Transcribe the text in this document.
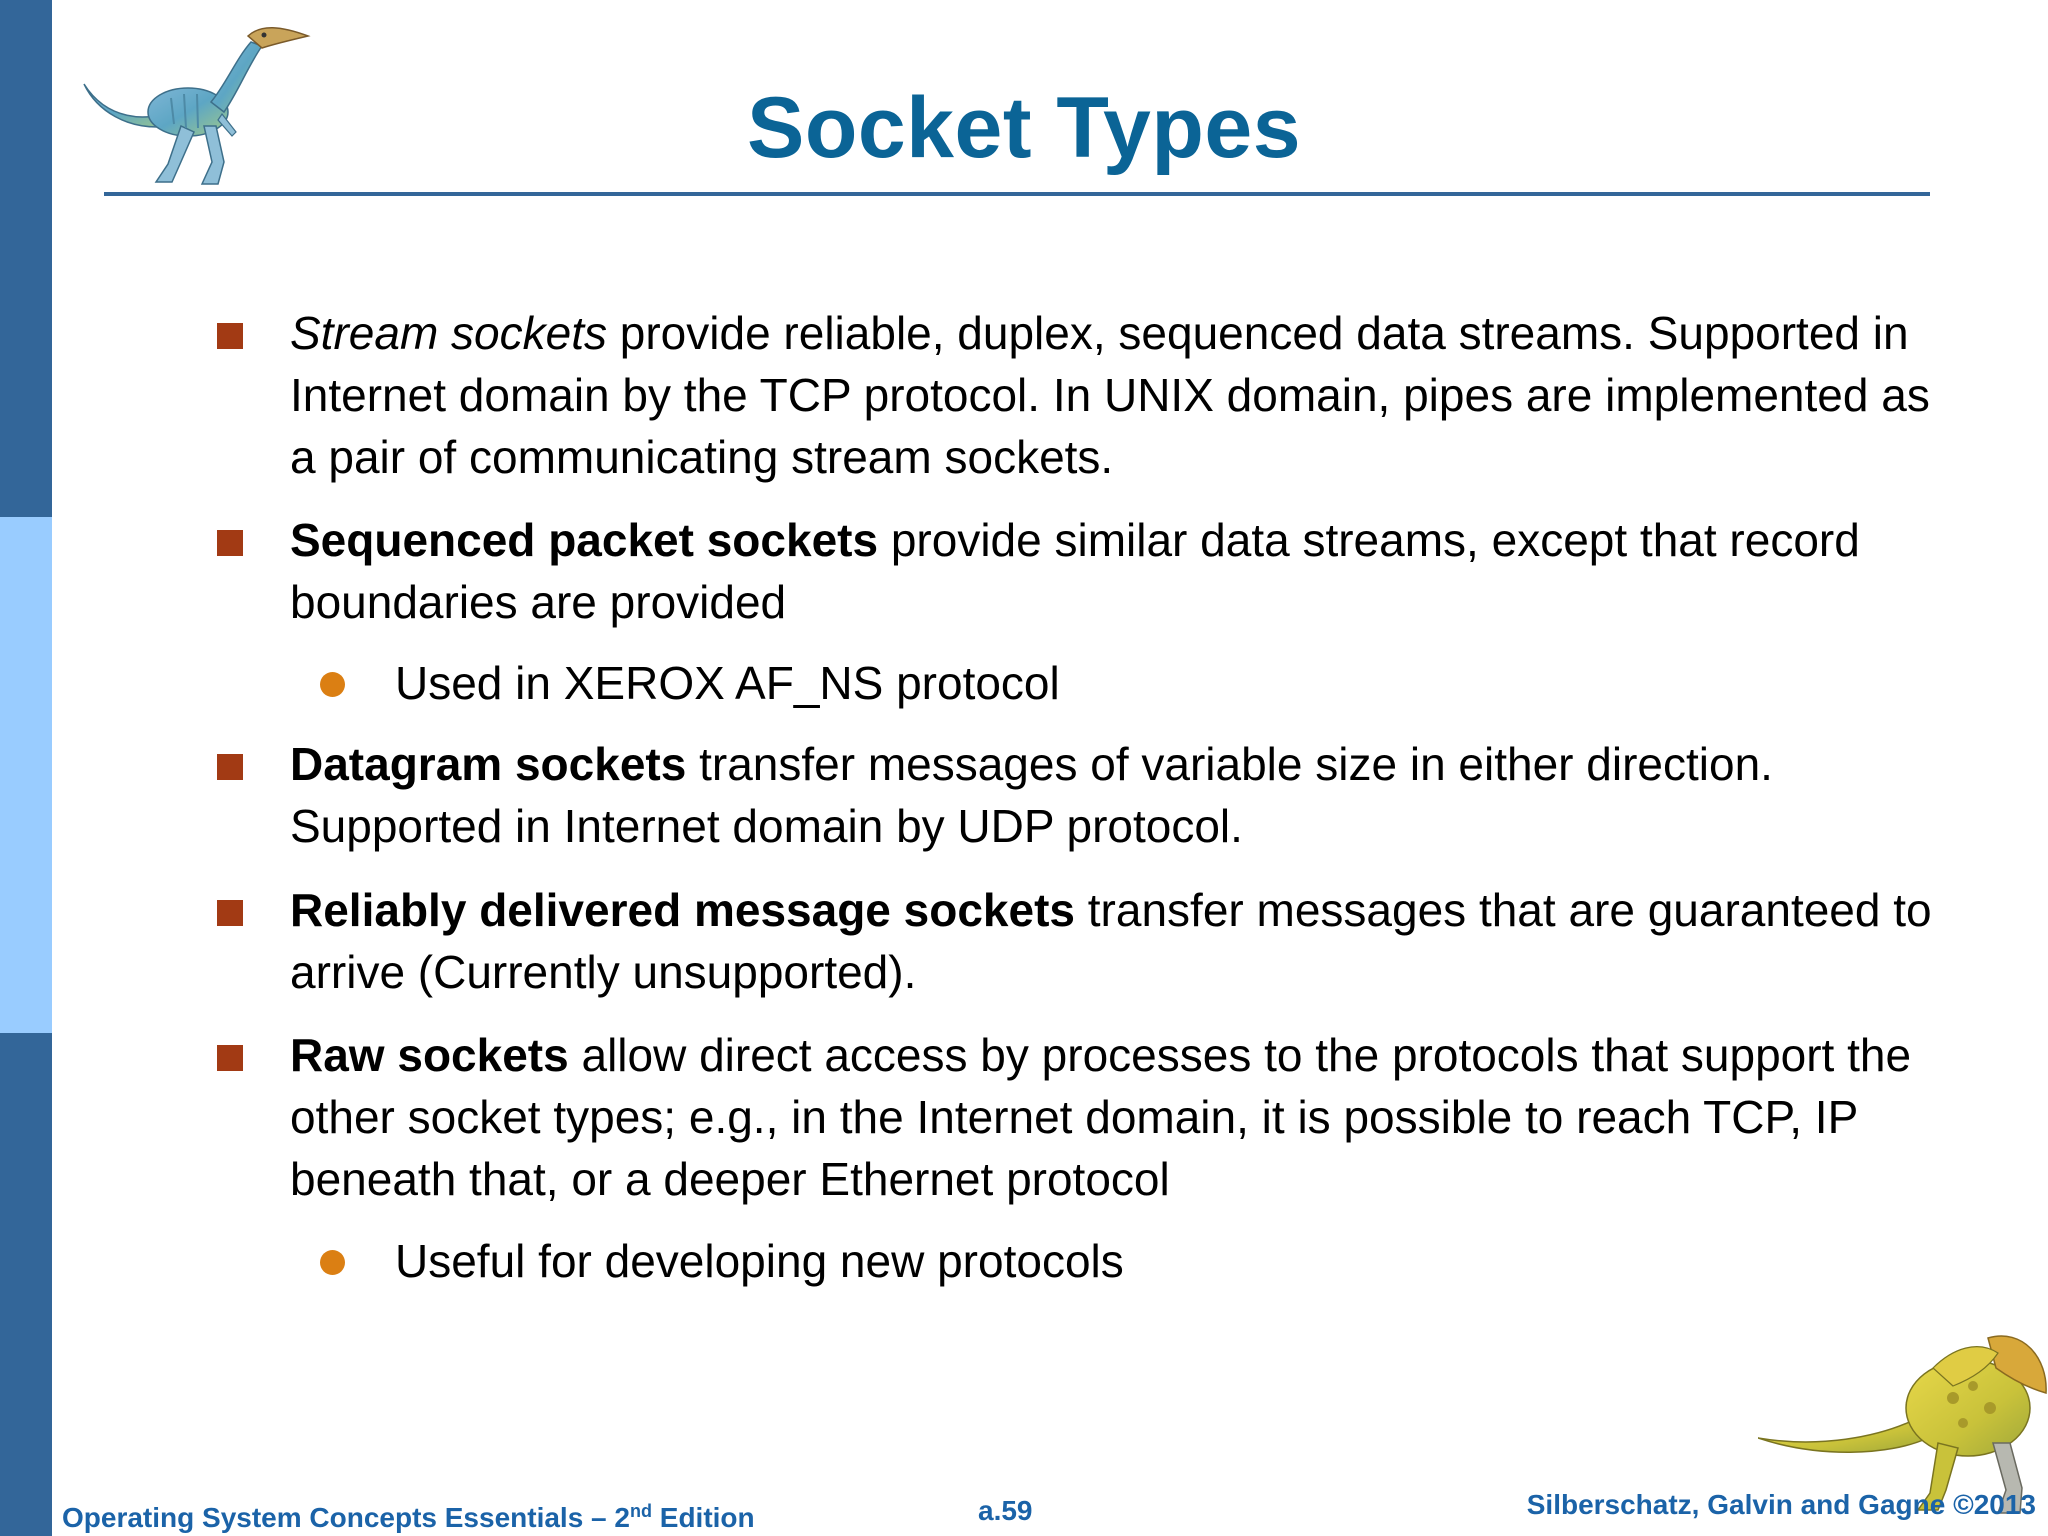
Socket Types
Stream sockets provide reliable, duplex, sequenced data streams. Supported in Internet domain by the TCP protocol. In UNIX domain, pipes are implemented as a pair of communicating stream sockets.
Sequenced packet sockets provide similar data streams, except that record boundaries are provided
Used in XEROX AF_NS protocol
Datagram sockets transfer messages of variable size in either direction. Supported in Internet domain by UDP protocol.
Reliably delivered message sockets transfer messages that are guaranteed to arrive (Currently unsupported).
Raw sockets allow direct access by processes to the protocols that support the other socket types; e.g., in the Internet domain, it is possible to reach TCP, IP beneath that, or a deeper Ethernet protocol
Useful for developing new protocols
Operating System Concepts Essentials – 2nd Edition	a.59	Silberschatz, Galvin and Gagne ©2013
